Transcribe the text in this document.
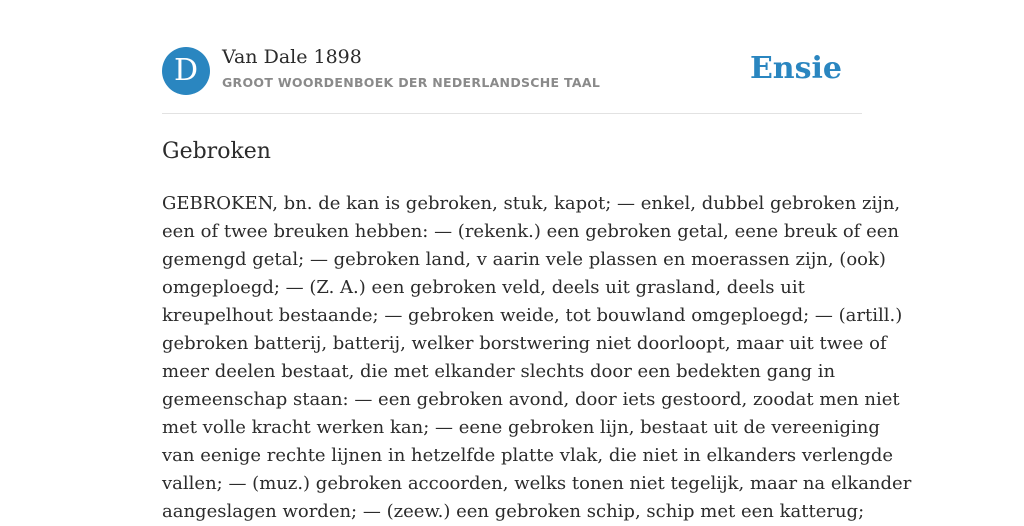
D Van Dale 1898
GROOT WOORDENBOEK DER NEDERLANDSCHE TAAL	Ensie
Gebroken
GEBROKEN, bn. de kan is gebroken, stuk, kapot; — enkel, dubbel gebroken zijn,
een of twee breuken hebben: — (rekenk.) een gebroken getal, eene breuk of een
gemengd getal; — gebroken land, v aarin vele plassen en moerassen zijn, (ook)
omgeploegd; — (Z. A.) een gebroken veld, deels uit grasland, deels uit
kreupelhout bestaande; — gebroken weide, tot bouwland omgeploegd; — (artill.)
gebroken batterij, batterij, welker borstwering niet doorloopt, maar uit twee of
meer deelen bestaat, die met elkander slechts door een bedekten gang in
gemeenschap staan: — een gebroken avond, door iets gestoord, zoodat men niet
met volle kracht werken kan; — eene gebroken lijn, bestaat uit de vereeniging
van eenige rechte lijnen in hetzelfde platte vlak, die niet in elkanders verlengde
vallen; — (muz.) gebroken accoorden, welks tonen niet tegelijk, maar na elkander
aangeslagen worden; — (zeew.) een gebroken schip, schip met een katterug;
